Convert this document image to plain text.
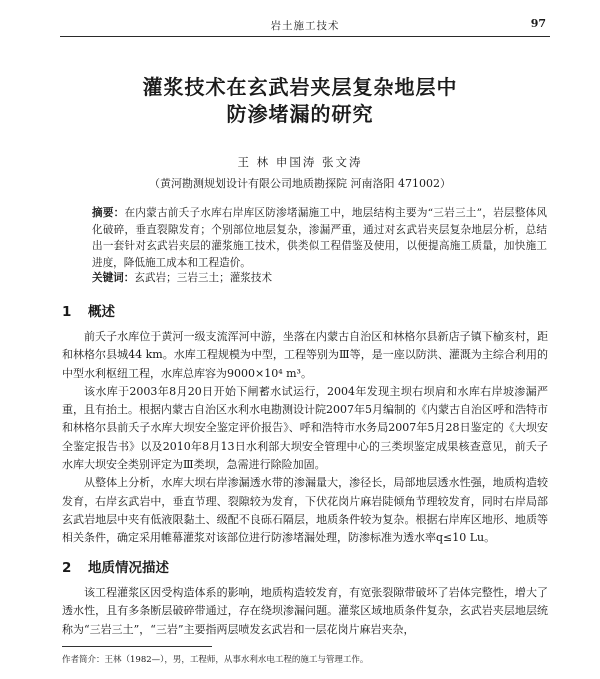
岩土施工技术	97
灌浆技术在玄武岩夹层复杂地层中
防渗堵漏的研究
王 林 申国涛 张文涛
（黄河勘测规划设计有限公司地质勘探院 河南洛阳 471002）
摘要：在内蒙古前夭子水库右岸库区防渗堵漏施工中，地层结构主要为“三岩三土”，岩层整体风化破碎，垂直裂隙发育；个别部位地层复杂，渗漏严重，通过对玄武岩夹层复杂地层分析，总结出一套针对玄武岩夹层的灌浆施工技术，供类似工程借鉴及使用，以便提高施工质量，加快施工进度，降低施工成本和工程造价。
关键词：玄武岩；三岩三土；灌浆技术
1 概述

前夭子水库位于黄河一级支流浑河中游，坐落在内蒙古自治区和林格尔县新店子镇下榆亥村，距和林格尔县城44 km。水库工程规模为中型，工程等别为Ⅲ等，是一座以防洪、灌溉为主综合利用的中型水利枢纽工程，水库总库容为9000×10⁴ m³。

该水库于2003年8月20日开始下闸蓄水试运行，2004年发现主坝右坝肩和水库右岸坡渗漏严重，且有抬土。根据内蒙古自治区水利水电勘测设计院2007年5月编制的《内蒙古自治区呼和浩特市和林格尔县前夭子水库大坝安全鉴定评价报告》、呼和浩特市水务局2007年5月28日鉴定的《大坝安全鉴定报告书》以及2010年8月13日水利部大坝安全管理中心的三类坝鉴定成果核查意见，前夭子水库大坝安全类别评定为Ⅲ类坝，急需进行除险加固。

从整体上分析，水库大坝右岸渗漏透水带的渗漏量大，渗径长，局部地层透水性强，地质构造较发育，右岸玄武岩中，垂直节理、裂隙较为发育，下伏花岗片麻岩陡倾角节理较发育，同时右岸局部玄武岩地层中夹有低液限黏土、级配不良砾石隔层，地质条件较为复杂。根据右岸库区地形、地质等相关条件，确定采用帷幕灌浆对该部位进行防渗堵漏处理，防渗标准为透水率q≤10 Lu。

2 地质情况描述

该工程灌浆区因受构造体系的影响，地质构造较发育，有宽张裂隙带破坏了岩体完整性，增大了透水性，且有多条断层破碎带通过，存在绕坝渗漏问题。灌浆区域地质条件复杂，玄武岩夹层地层统称为“三岩三土”，“三岩”主要指两层喷发玄武岩和一层花岗片麻岩夹杂，

作者简介：王林（1982—），男，工程师，从事水利水电工程的施工与管理工作。
